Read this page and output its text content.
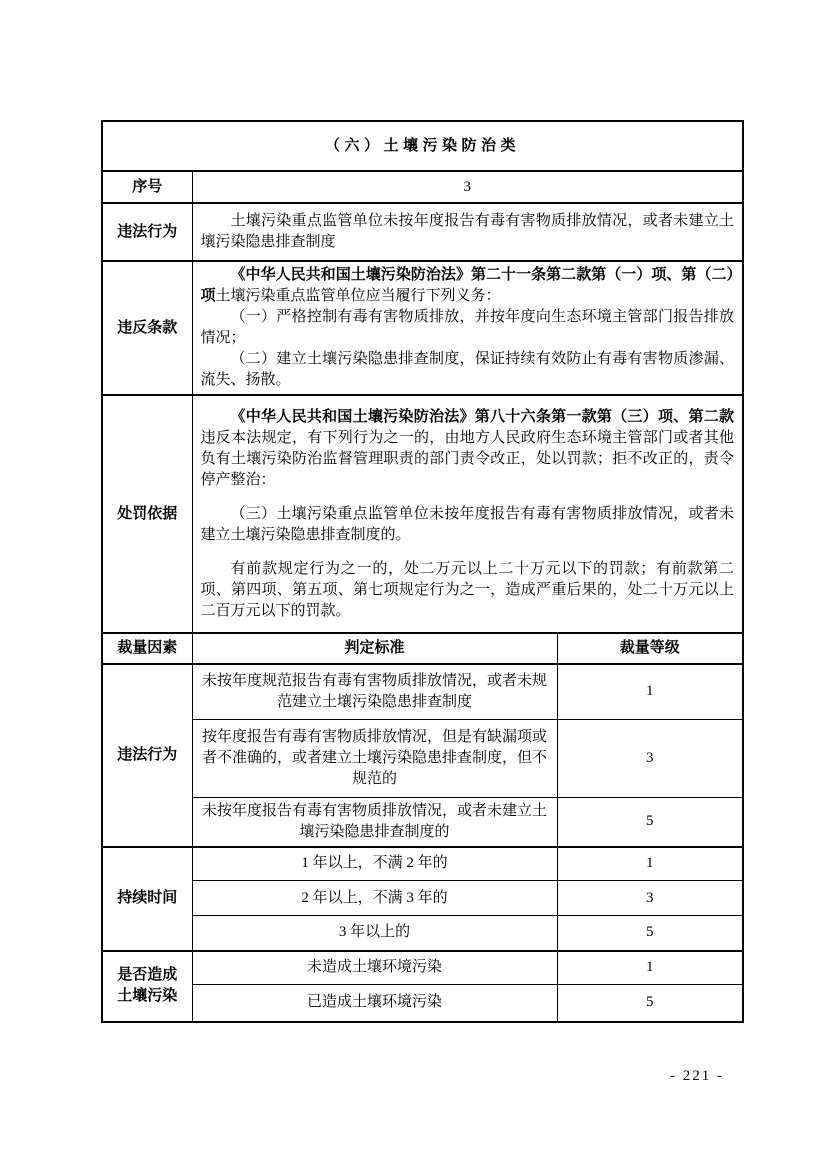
（六）土壤污染防治类		
序号	3	
违法行为	土壤污染重点监管单位未按年度报告有毒有害物质排放情况，或者未建立土壤污染隐患排查制度	

违反条款	《中华人民共和国土壤污染防治法》第二十一条第二款第（一）项、第（二）项土壤污染重点监管单位应当履行下列义务：

（一）严格控制有毒有害物质排放，并按年度向生态环境主管部门报告排放情况；

（二）建立土壤污染隐患排查制度，保证持续有效防止有毒有害物质渗漏、流失、扬散。	

处罚依据	《中华人民共和国土壤污染防治法》第八十六条第一款第（三）项、第二款 违反本法规定，有下列行为之一的，由地方人民政府生态环境主管部门或者其他负有土壤污染防治监督管理职责的部门责令改正，处以罚款；拒不改正的，责令停产整治：

（三）土壤污染重点监管单位未按年度报告有毒有害物质排放情况，或者未建立土壤污染隐患排查制度的。

有前款规定行为之一的，处二万元以上二十万元以下的罚款；有前款第二项、第四项、第五项、第七项规定行为之一，造成严重后果的，处二十万元以上二百万元以下的罚款。	

裁量因素	判定标准	裁量等级
违法行为	未按年度规范报告有毒有害物质排放情况，或者未规范建立土壤污染隐患排查制度	1
	按年度报告有毒有害物质排放情况，但是有缺漏项或者不准确的，或者建立土壤污染隐患排查制度，但不规范的	3
	未按年度报告有毒有害物质排放情况，或者未建立土壤污染隐患排查制度的	5
持续时间	1 年以上，不满 2 年的	1
	2 年以上，不满 3 年的	3
	3 年以上的	5
是否造成土壤污染	未造成土壤环境污染	1
	已造成土壤环境污染	5
- 221 -
